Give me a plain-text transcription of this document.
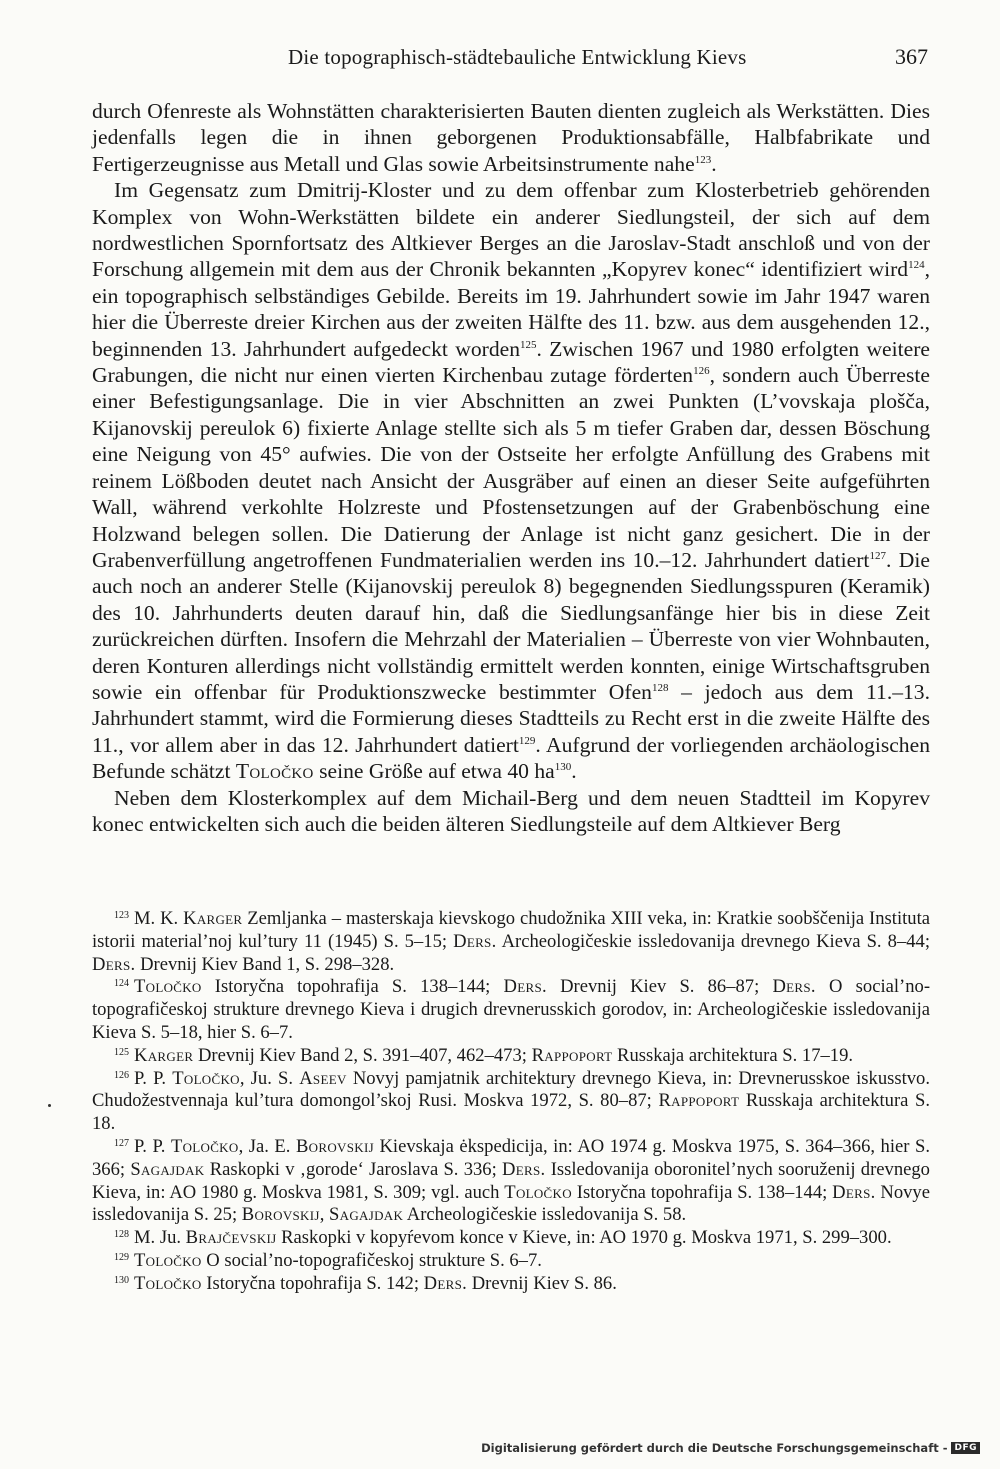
Die topographisch-städtebauliche Entwicklung Kievs	367

durch Ofenreste als Wohnstätten charakterisierten Bauten dienten zugleich als Werkstätten. Dies jedenfalls legen die in ihnen geborgenen Produktionsabfälle, Halbfabrikate und Fertigerzeugnisse aus Metall und Glas sowie Arbeitsinstrumente nahe$^{123}$.

Im Gegensatz zum Dmitrij-Kloster und zu dem offenbar zum Klosterbetrieb gehörenden Komplex von Wohn-Werkstätten bildete ein anderer Siedlungsteil, der sich auf dem nordwestlichen Spornfortsatz des Altkiever Berges an die Jaroslav-Stadt anschloß und von der Forschung allgemein mit dem aus der Chronik bekannten „Kopyrev konec“ identifiziert wird$^{124}$, ein topographisch selbständiges Gebilde. Bereits im 19. Jahrhundert sowie im Jahr 1947 waren hier die Überreste dreier Kirchen aus der zweiten Hälfte des 11. bzw. aus dem ausgehenden 12., beginnenden 13. Jahrhundert aufgedeckt worden$^{125}$. Zwischen 1967 und 1980 erfolgten weitere Grabungen, die nicht nur einen vierten Kirchenbau zutage förderten$^{126}$, sondern auch Überreste einer Befestigungsanlage. Die in vier Abschnitten an zwei Punkten (L’vovskaja plošča, Kijanovskij pereulok 6) fixierte Anlage stellte sich als 5 m tiefer Graben dar, dessen Böschung eine Neigung von 45° aufwies. Die von der Ostseite her erfolgte Anfüllung des Grabens mit reinem Lößboden deutet nach Ansicht der Ausgräber auf einen an dieser Seite aufgeführten Wall, während verkohlte Holzreste und Pfostensetzungen auf der Grabenböschung eine Holzwand belegen sollen. Die Datierung der Anlage ist nicht ganz gesichert. Die in der Grabenverfüllung angetroffenen Fundmaterialien werden ins 10.–12. Jahrhundert datiert$^{127}$. Die auch noch an anderer Stelle (Kijanovskij pereulok 8) begegnenden Siedlungsspuren (Keramik) des 10. Jahrhunderts deuten darauf hin, daß die Siedlungsanfänge hier bis in diese Zeit zurückreichen dürften. Insofern die Mehrzahl der Materialien – Überreste von vier Wohnbauten, deren Konturen allerdings nicht vollständig ermittelt werden konnten, einige Wirtschaftsgruben sowie ein offenbar für Produktionszwecke bestimmter Ofen$^{128}$ – jedoch aus dem 11.–13. Jahrhundert stammt, wird die Formierung dieses Stadtteils zu Recht erst in die zweite Hälfte des 11., vor allem aber in das 12. Jahrhundert datiert$^{129}$. Aufgrund der vorliegenden archäologischen Befunde schätzt Toločko seine Größe auf etwa 40 $ha^{130}$.

Neben dem Klosterkomplex auf dem Michail-Berg und dem neuen Stadtteil im Kopyrev konec entwickelten sich auch die beiden älteren Siedlungsteile auf dem Altkiever Berg

$^{123}$ M. K. Karger Zemljanka – masterskaja kievskogo chudožnika XIII veka, in: Kratkie soobščenija Instituta istorii material’noj kul’tury 11 (1945) S. 5–15; Ders. Archeologičeskie issledovanija drevnego Kieva S. 8–44; Ders. Drevnij Kiev Band 1, S. 298–328.

$^{124}$ Toločko Istoryčna topohrafija S. 138–144; Ders. Drevnij Kiev S. 86–87; Ders. O social’no-topografičeskoj strukture drevnego Kieva i drugich drevnerusskich gorodov, in: Archeologičeskie issledovanija Kieva S. 5–18, hier S. 6–7.

$^{125}$ Karger Drevnij Kiev Band 2, S. 391–407, 462–473; Rappoport Russkaja architektura S. 17–19.

$^{126}$ P. P. Toločko, Ju. S. Aseev Novyj pamjatnik architektury drevnego Kieva, in: Drevnerusskoe iskusstvo. Chudožestvennaja kul’tura domongol’skoj Rusi. Moskva 1972, S. 80–87; Rappoport Russkaja architektura S. 18.

$^{127}$ P. P. Toločko, Ja. E. Borovskij Kievskaja ėkspedicija, in: AO 1974 g. Moskva 1975, S. 364–366, hier S. 366; Sagajdak Raskopki v ‚gorode‘ Jaroslava S. 336; Ders. Issledovanija oboronitel’nych sooruženij drevnego Kieva, in: AO 1980 g. Moskva 1981, S. 309; vgl. auch Toločko Istoryčna topohrafija S. 138–144; Ders. Novye issledovanija S. 25; Borovskij, Sagajdak Archeologičeskie issledovanija S. 58.

$^{128}$ M. Ju. Brajčevskij Raskopki v kopyŕevom konce v Kieve, in: AO 1970 g. Moskva 1971, S. 299–300.

$^{129}$ Toločko O social’no-topografičeskoj strukture S. 6–7.

$^{130}$ Toločko Istoryčna topohrafija S. 142; Ders. Drevnij Kiev S. 86.

Digitalisierung gefördert durch die Deutsche Forschungsgemeinschaft - DFG
